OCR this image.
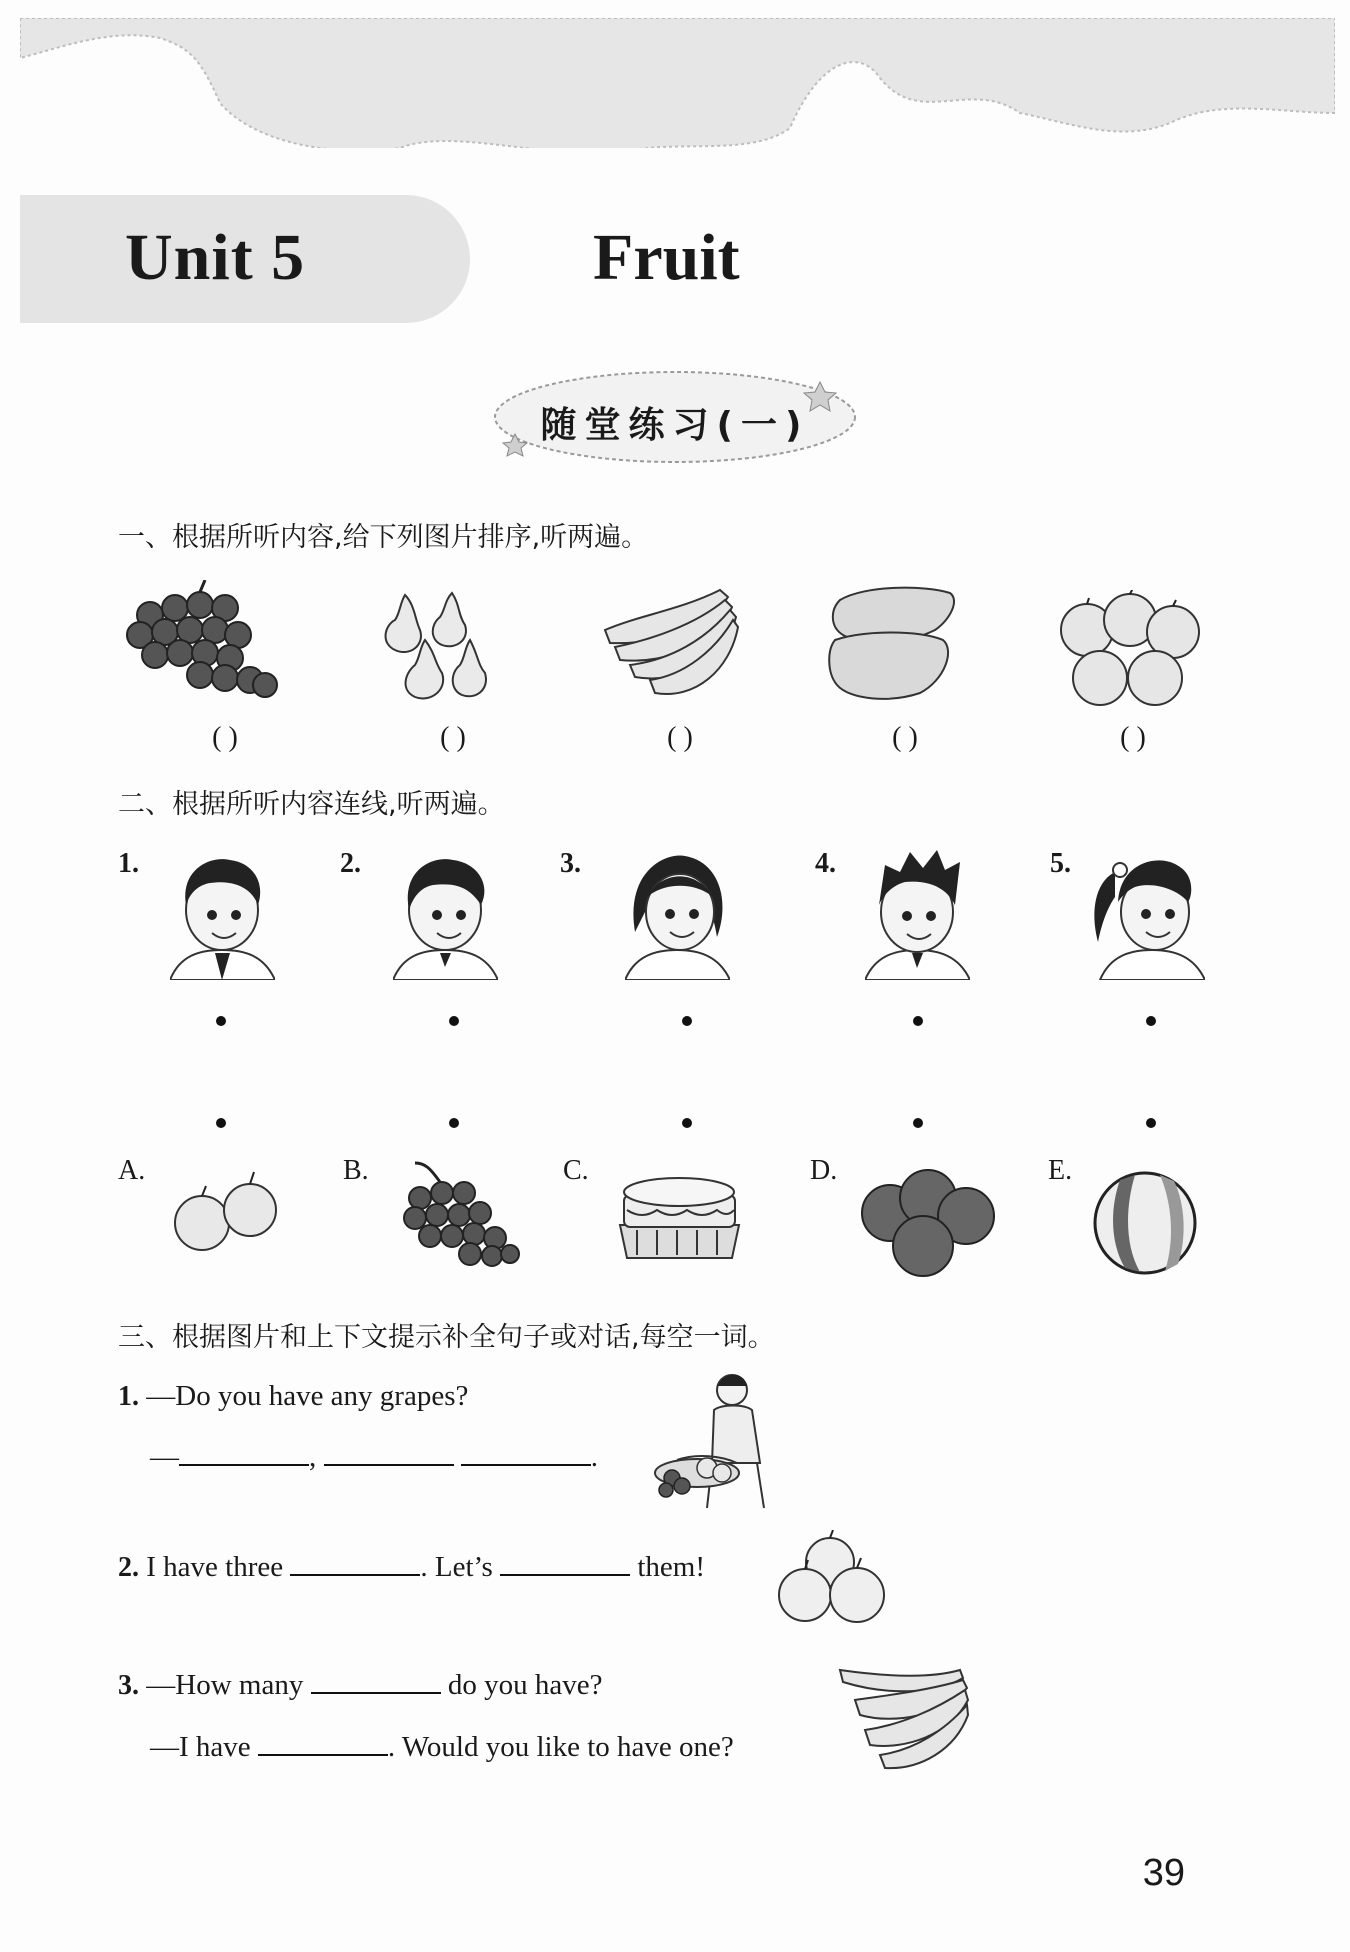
Unit 5	Fruit
随堂练习(一)
一、根据所听内容,给下列图片排序,听两遍。
( )	( )	( )	( )	( )
二、根据所听内容连线,听两遍。
1.	2.	3.	4.	5.
A.	B.	C.	D.	E.
三、根据图片和上下文提示补全句子或对话,每空一词。
1. —Do you have any grapes?
—	,	.
2. I have three	. Let’s	them!
3. —How many	do you have?
—I have	. Would you like to have one?
39
